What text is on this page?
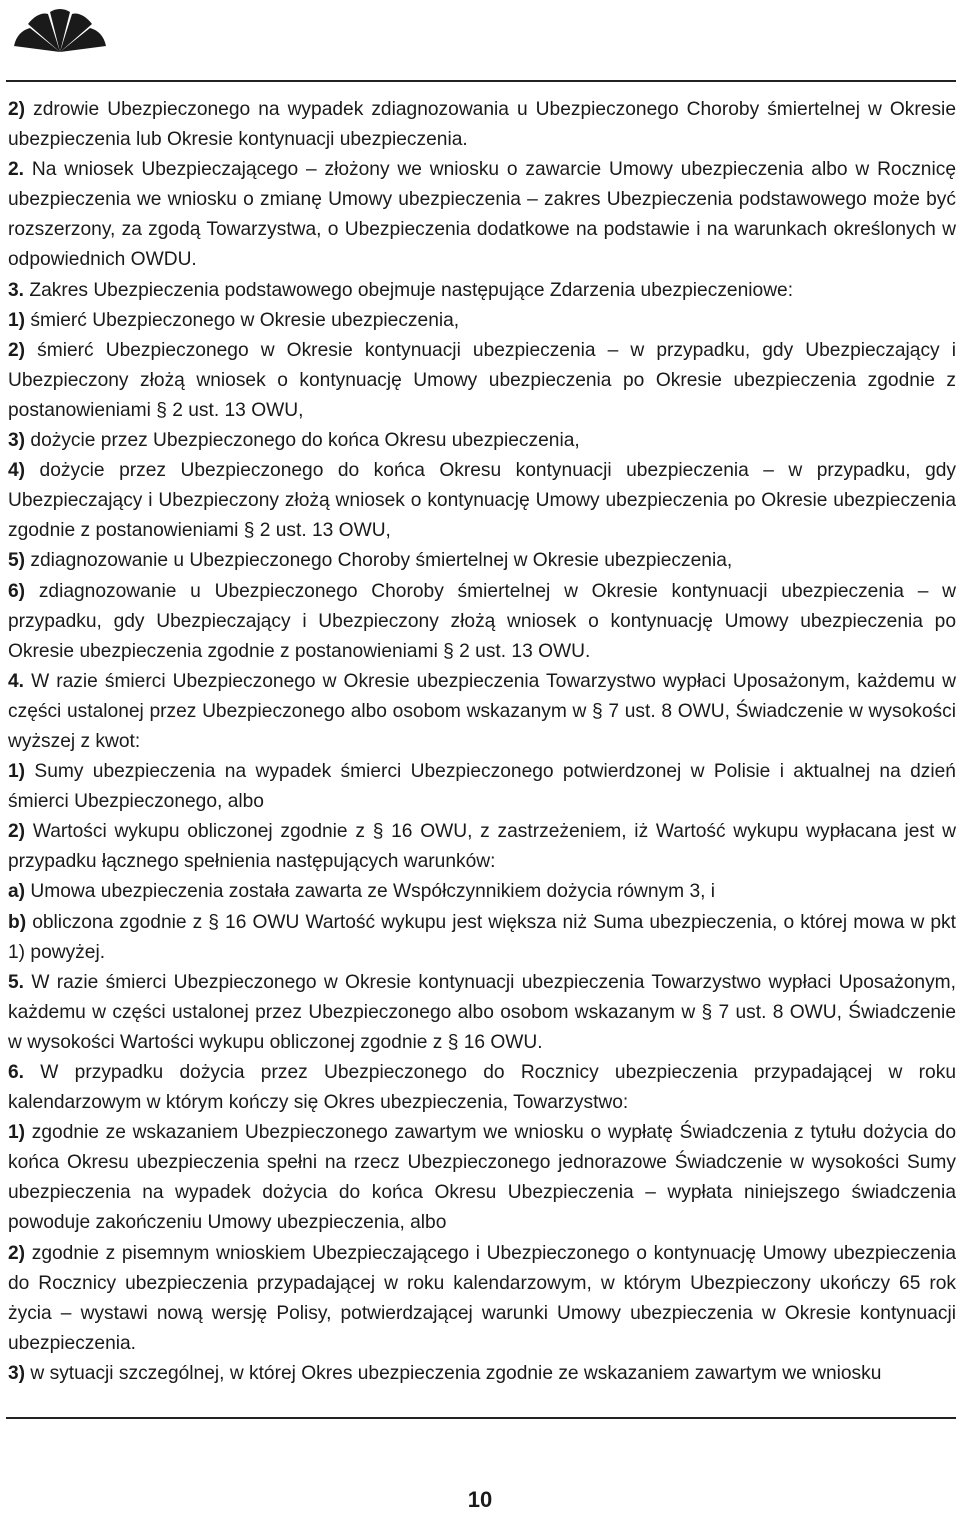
2) zdrowie Ubezpieczonego na wypadek zdiagnozowania u Ubezpieczonego Choroby śmiertelnej w Okresie ubezpieczenia lub Okresie kontynuacji ubezpieczenia.

2. Na wniosek Ubezpieczającego – złożony we wniosku o zawarcie Umowy ubezpieczenia albo w Rocznicę ubezpieczenia we wniosku o zmianę Umowy ubezpieczenia – zakres Ubezpieczenia podstawowego może być rozszerzony, za zgodą Towarzystwa, o Ubezpieczenia dodatkowe na podstawie i na warunkach określonych w odpowiednich OWDU.

3. Zakres Ubezpieczenia podstawowego obejmuje następujące Zdarzenia ubezpieczeniowe:

1) śmierć Ubezpieczonego w Okresie ubezpieczenia,

2) śmierć Ubezpieczonego w Okresie kontynuacji ubezpieczenia – w przypadku, gdy Ubezpieczający i Ubezpieczony złożą wniosek o kontynuację Umowy ubezpieczenia po Okresie ubezpieczenia zgodnie z postanowieniami § 2 ust. 13 OWU,

3) dożycie przez Ubezpieczonego do końca Okresu ubezpieczenia,

4) dożycie przez Ubezpieczonego do końca Okresu kontynuacji ubezpieczenia – w przypadku, gdy Ubezpieczający i Ubezpieczony złożą wniosek o kontynuację Umowy ubezpieczenia po Okresie ubezpieczenia zgodnie z postanowieniami § 2 ust. 13 OWU,

5) zdiagnozowanie u Ubezpieczonego Choroby śmiertelnej w Okresie ubezpieczenia,

6) zdiagnozowanie u Ubezpieczonego Choroby śmiertelnej w Okresie kontynuacji ubezpieczenia – w przypadku, gdy Ubezpieczający i Ubezpieczony złożą wniosek o kontynuację Umowy ubezpieczenia po Okresie ubezpieczenia zgodnie z postanowieniami § 2 ust. 13 OWU.

4. W razie śmierci Ubezpieczonego w Okresie ubezpieczenia Towarzystwo wypłaci Uposażonym, każdemu w części ustalonej przez Ubezpieczonego albo osobom wskazanym w § 7 ust. 8 OWU, Świadczenie w wysokości wyższej z kwot:

1) Sumy ubezpieczenia na wypadek śmierci Ubezpieczonego potwierdzonej w Polisie i aktualnej na dzień śmierci Ubezpieczonego, albo

2) Wartości wykupu obliczonej zgodnie z § 16 OWU, z zastrzeżeniem, iż Wartość wykupu wypłacana jest w przypadku łącznego spełnienia następujących warunków:

a) Umowa ubezpieczenia została zawarta ze Współczynnikiem dożycia równym 3, i

b) obliczona zgodnie z § 16 OWU Wartość wykupu jest większa niż Suma ubezpieczenia, o której mowa w pkt 1) powyżej.

5. W razie śmierci Ubezpieczonego w Okresie kontynuacji ubezpieczenia Towarzystwo wypłaci Uposażonym, każdemu w części ustalonej przez Ubezpieczonego albo osobom wskazanym w § 7 ust. 8 OWU, Świadczenie w wysokości Wartości wykupu obliczonej zgodnie z § 16 OWU.

6. W przypadku dożycia przez Ubezpieczonego do Rocznicy ubezpieczenia przypadającej w roku kalendarzowym w którym kończy się Okres ubezpieczenia, Towarzystwo:

1) zgodnie ze wskazaniem Ubezpieczonego zawartym we wniosku o wypłatę Świadczenia z tytułu dożycia do końca Okresu ubezpieczenia spełni na rzecz Ubezpieczonego jednorazowe Świadczenie w wysokości Sumy ubezpieczenia na wypadek dożycia do końca Okresu Ubezpieczenia – wypłata niniejszego świadczenia powoduje zakończeniu Umowy ubezpieczenia, albo

2) zgodnie z pisemnym wnioskiem Ubezpieczającego i Ubezpieczonego o kontynuację Umowy ubezpieczenia do Rocznicy ubezpieczenia przypadającej w roku kalendarzowym, w którym Ubezpieczony ukończy 65 rok życia – wystawi nową wersję Polisy, potwierdzającej warunki Umowy ubezpieczenia w Okresie kontynuacji ubezpieczenia.

3) w sytuacji szczególnej, w której Okres ubezpieczenia zgodnie ze wskazaniem zawartym we wniosku

10
